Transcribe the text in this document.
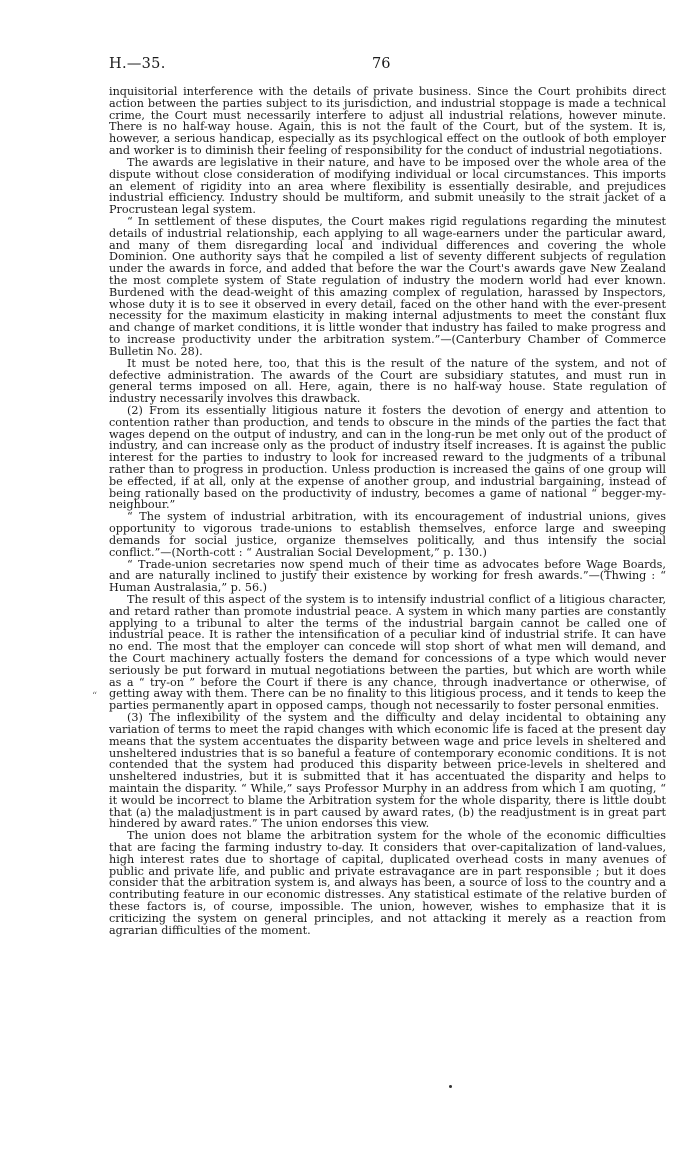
H.—35.	76
“

inquisitorial interference with the details of private business. Since the Court prohibits direct action between the parties subject to its jurisdiction, and industrial stoppage is made a technical crime, the Court must necessarily interfere to adjust all industrial relations, however minute. There is no half-way house. Again, this is not the fault of the Court, but of the system. It is, however, a serious handicap, especially as its psychlogical effect on the outlook of both employer and worker is to diminish their feeling of responsibility for the conduct of industrial negotiations.

The awards are legislative in their nature, and have to be imposed over the whole area of the dispute without close consideration of modifying individual or local circumstances. This imports an element of rigidity into an area where flexibility is essentially desirable, and prejudices industrial efficiency. Industry should be multiform, and submit uneasily to the strait jacket of a Procrustean legal system.

“ In settlement of these disputes, the Court makes rigid regulations regarding the minutest details of industrial relationship, each applying to all wage-earners under the particular award, and many of them disregarding local and individual differences and covering the whole Dominion. One authority says that he compiled a list of seventy different subjects of regulation under the awards in force, and added that before the war the Court's awards gave New Zealand the most complete system of State regulation of industry the modern world had ever known. Burdened with the dead-weight of this amazing complex of regulation, harassed by Inspectors, whose duty it is to see it observed in every detail, faced on the other hand with the ever-present necessity for the maximum elasticity in making internal adjustments to meet the constant flux and change of market conditions, it is little wonder that industry has failed to make progress and to increase productivity under the arbitration system.”—(Canterbury Chamber of Commerce Bulletin No. 28).

It must be noted here, too, that this is the result of the nature of the system, and not of defective administration. The awards of the Court are subsidiary statutes, and must run in general terms imposed on all. Here, again, there is no half-way house. State regulation of industry necessarily involves this drawback.

(2) From its essentially litigious nature it fosters the devotion of energy and attention to contention rather than production, and tends to obscure in the minds of the parties the fact that wages depend on the output of industry, and can in the long-run be met only out of the product of industry, and can increase only as the product of industry itself increases. It is against the public interest for the parties to industry to look for increased reward to the judgments of a tribunal rather than to progress in production. Unless production is increased the gains of one group will be effected, if at all, only at the expense of another group, and industrial bargaining, instead of being rationally based on the productivity of industry, becomes a game of national “ begger-my-neighbour.”

“ The system of industrial arbitration, with its encouragement of industrial unions, gives opportunity to vigorous trade-unions to establish themselves, enforce large and sweeping demands for social justice, organize themselves politically, and thus intensify the social conflict.”—(North-cott : “ Australian Social Development,” p. 130.)

“ Trade-union secretaries now spend much of their time as advocates before Wage Boards, and are naturally inclined to justify their existence by working for fresh awards.”—(Thwing : “ Human Australasia,” p. 56.)

The result of this aspect of the system is to intensify industrial conflict of a litigious character, and retard rather than promote industrial peace. A system in which many parties are constantly applying to a tribunal to alter the terms of the industrial bargain cannot be called one of industrial peace. It is rather the intensification of a peculiar kind of industrial strife. It can have no end. The most that the employer can concede will stop short of what men will demand, and the Court machinery actually fosters the demand for concessions of a type which would never seriously be put forward in mutual negotiations between the parties, but which are worth while as a “ try-on ” before the Court if there is any chance, through inadvertance or otherwise, of getting away with them. There can be no finality to this litigious process, and it tends to keep the parties permanently apart in opposed camps, though not necessarily to foster personal enmities.

(3) The inflexibility of the system and the difficulty and delay incidental to obtaining any variation of terms to meet the rapid changes with which economic life is faced at the present day means that the system accentuates the disparity between wage and price levels in sheltered and unsheltered industries that is so baneful a feature of contemporary economic conditions. It is not contended that the system had produced this disparity between price-levels in sheltered and unsheltered industries, but it is submitted that it has accentuated the disparity and helps to maintain the disparity. “ While,” says Professor Murphy in an address from which I am quoting, “ it would be incorrect to blame the Arbitration system for the whole disparity, there is little doubt that (a) the maladjustment is in part caused by award rates, (b) the readjustment is in great part hindered by award rates.” The union endorses this view.

The union does not blame the arbitration system for the whole of the economic difficulties that are facing the farming industry to-day. It considers that over-capitalization of land-values, high interest rates due to shortage of capital, duplicated overhead costs in many avenues of public and private life, and public and private estravagance are in part responsible ; but it does consider that the arbitration system is, and always has been, a source of loss to the country and a contributing feature in our economic distresses. Any statistical estimate of the relative burden of these factors is, of course, impossible. The union, however, wishes to emphasize that it is criticizing the system on general principles, and not attacking it merely as a reaction from agrarian difficulties of the moment.
